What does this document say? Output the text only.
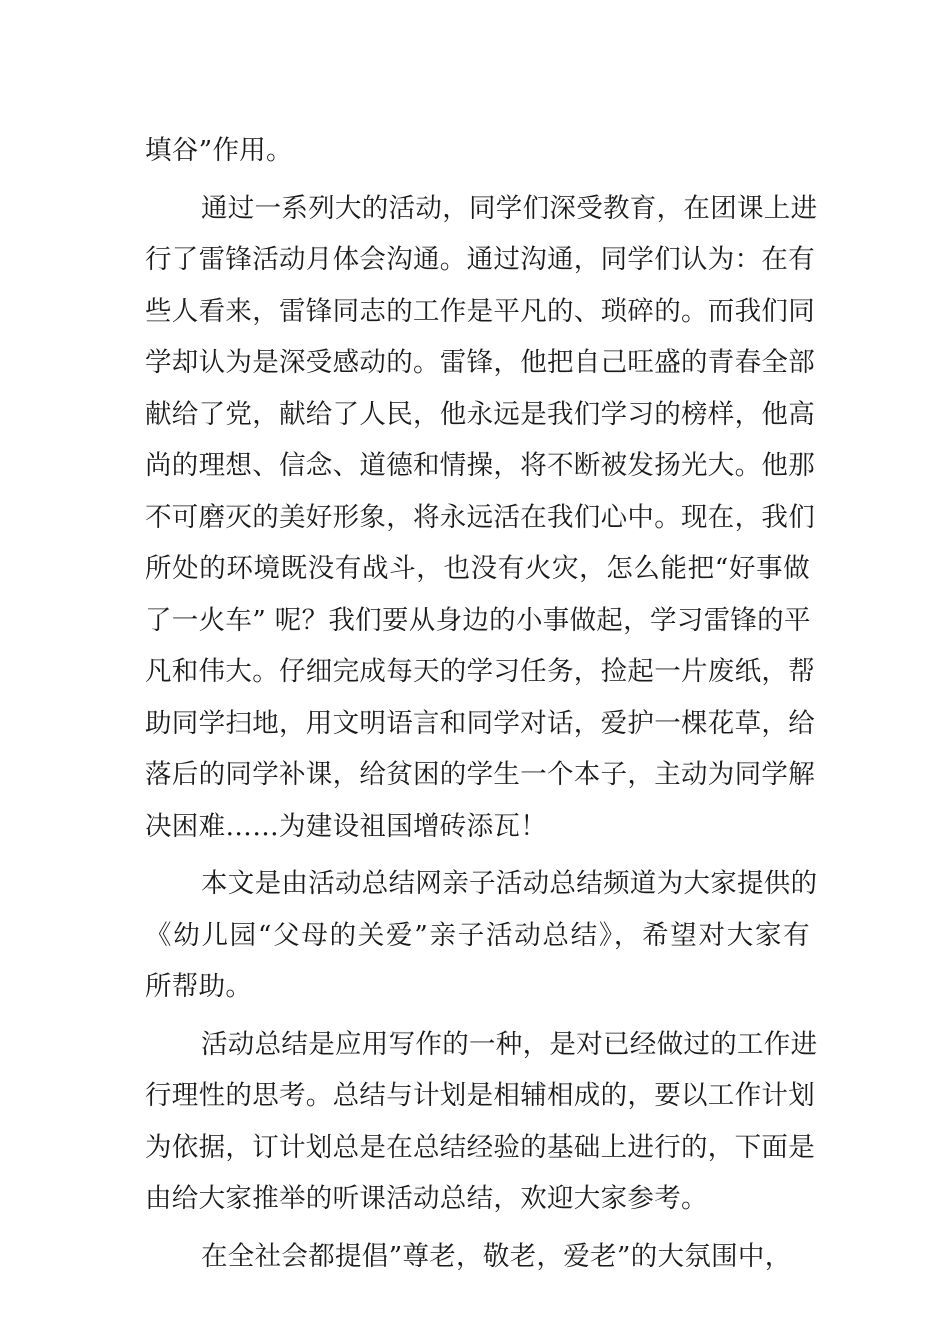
填谷”作用。
通过一系列大的活动，同学们深受教育，在团课上进
行了雷锋活动月体会沟通。通过沟通，同学们认为：在有
些人看来，雷锋同志的工作是平凡的、琐碎的。而我们同
学却认为是深受感动的。雷锋，他把自己旺盛的青春全部
献给了党，献给了人民，他永远是我们学习的榜样，他高
尚的理想、信念、道德和情操，将不断被发扬光大。他那
不可磨灭的美好形象，将永远活在我们心中。现在，我们
所处的环境既没有战斗，也没有火灾，怎么能把“好事做
了一火车” 呢？我们要从身边的小事做起，学习雷锋的平
凡和伟大。仔细完成每天的学习任务，捡起一片废纸，帮
助同学扫地，用文明语言和同学对话，爱护一棵花草，给
落后的同学补课，给贫困的学生一个本子，主动为同学解
决困难……为建设祖国增砖添瓦！
本文是由活动总结网亲子活动总结频道为大家提供的
《幼儿园“父母的关爱”亲子活动总结》，希望对大家有
所帮助。
活动总结是应用写作的一种，是对已经做过的工作进
行理性的思考。总结与计划是相辅相成的，要以工作计划
为依据，订计划总是在总结经验的基础上进行的，下面是
由给大家推举的听课活动总结，欢迎大家参考。
在全社会都提倡”尊老，敬老，爱老”的大氛围中，
